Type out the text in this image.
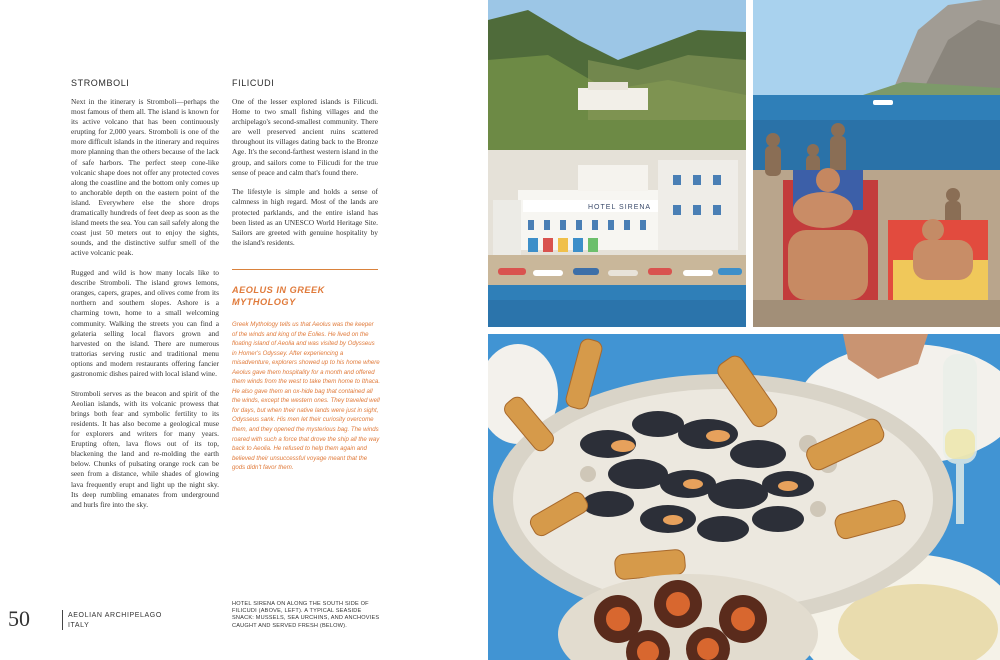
STROMBOLI

Next in the itinerary is Stromboli—perhaps the most famous of them all. The island is known for its active volcano that has been continuously erupting for 2,000 years. Stromboli is one of the more difficult islands in the itinerary and requires more planning than the others because of the lack of safe harbors. The perfect steep cone-like volcanic shape does not offer any protected coves along the coastline and the bottom only comes up to anchorable depth on the eastern point of the island. Everywhere else the shore drops dramatically hundreds of feet deep as soon as the island meets the sea. You can sail safely along the coast just 50 meters out to enjoy the sights, sounds, and the distinctive sulfur smell of the active volcanic peak.

Rugged and wild is how many locals like to describe Stromboli. The island grows lemons, oranges, capers, grapes, and olives come from its northern and southern slopes. Ashore is a charming town, home to a small welcoming community. Walking the streets you can find a gelateria selling local flavors grown and harvested on the island. There are numerous trattorias serving rustic and traditional menu options and modern restaurants offering fancier gastronomic dishes paired with local island wine.

Stromboli serves as the beacon and spirit of the Aeolian islands, with its volcanic prowess that brings both fear and symbolic fertility to its residents. It has also become a geological muse for explorers and writers for many years. Erupting often, lava flows out of its top, blackening the land and re-molding the earth below. Chunks of pulsating orange rock can be seen from a distance, while shades of glowing lava frequently erupt and light up the night sky. Its deep rumbling emanates from underground and hurls fire into the sky.

FILICUDI

One of the lesser explored islands is Filicudi. Home to two small fishing villages and the archipelago's second-smallest community. There are well preserved ancient ruins scattered throughout its villages dating back to the Bronze Age. It's the second-farthest western island in the group, and sailors come to Filicudi for the true sense of peace and calm that's found there.

The lifestyle is simple and holds a sense of calmness in high regard. Most of the lands are protected parklands, and the entire island has been listed as an UNESCO World Heritage Site. Sailors are greeted with genuine hospitality by the island's residents.

AEOLUS IN GREEK MYTHOLOGY
Greek Mythology tells us that Aeolus was the keeper of the winds and king of the Eolies. He lived on the floating island of Aeolia and was visited by Odysseus in Homer's Odyssey. After experiencing a misadventure, explorers showed up to his home where Aeolus gave them hospitality for a month and offered them winds from the west to take them home to Ithaca. He also gave them an ox-hide bag that contained all the winds, except the western ones. They traveled well for days, but when their native lands were just in sight, Odysseus sank. His men let their curiosity overcome them, and they opened the mysterious bag. The winds roared with such a force that drove the ship all the way back to Aeolia. He refused to help them again and believed their unsuccessful voyage meant that the gods didn't favor them.
50	AEOLIAN ARCHIPELAGO
ITALY
HOTEL SIRENA ON ALONG THE SOUTH SIDE OF FILICUDI (ABOVE, LEFT). A TYPICAL SEASIDE SNACK: MUSSELS, SEA URCHINS, AND ANCHOVIES CAUGHT AND SERVED FRESH (BELOW).
HOTEL SIRENA
